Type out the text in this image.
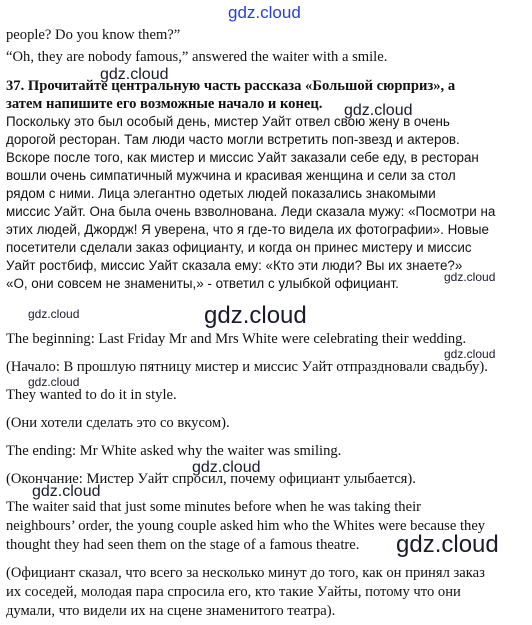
people? Do you know them?”
“Oh, they are nobody famous,” answered the waiter with a smile.
37. Прочитайте центральную часть рассказа «Большой сюрприз», а
затем напишите его возможные начало и конец.
Поскольку это был особый день, мистер Уайт отвел свою жену в очень
дорогой ресторан. Там люди часто могли встретить поп-звезд и актеров.
Вскоре после того, как мистер и миссис Уайт заказали себе еду, в ресторан
вошли очень симпатичный мужчина и красивая женщина и сели за стол
рядом с ними. Лица элегантно одетых людей показались знакомыми
миссис Уайт. Она была очень взволнована. Леди сказала мужу: «Посмотри на
этих людей, Джордж! Я уверена, что я где-то видела их фотографии». Новые
посетители сделали заказ официанту, и когда он принес мистеру и миссис
Уайт ростбиф, миссис Уайт сказала ему: «Кто эти люди? Вы их знаете?»
«О, они совсем не знамениты,» - ответил с улыбкой официант.
The beginning: Last Friday Mr and Mrs White were celebrating their wedding.
(Начало: В прошлую пятницу мистер и миссис Уайт отпраздновали свадьбу).
They wanted to do it in style.
(Они хотели сделать это со вкусом).
The ending: Mr White asked why the waiter was smiling.
(Окончание: Мистер Уайт спросил, почему официант улыбается).
The waiter said that just some minutes before when he was taking their
neighbours’ order, the young couple asked him who the Whites were because they
thought they had seen them on the stage of a famous theatre.
(Официант сказал, что всего за несколько минут до того, как он принял заказ
их соседей, молодая пара спросила его, кто такие Уайты, потому что они
думали, что видели их на сцене знаменитого театра).
gdz.cloud
gdz.cloud
gdz.cloud
gdz.cloud
gdz.cloud	gdz.cloud
gdz.cloud
gdz.cloud
gdz.cloud
gdz.cloud
gdz.cloud
